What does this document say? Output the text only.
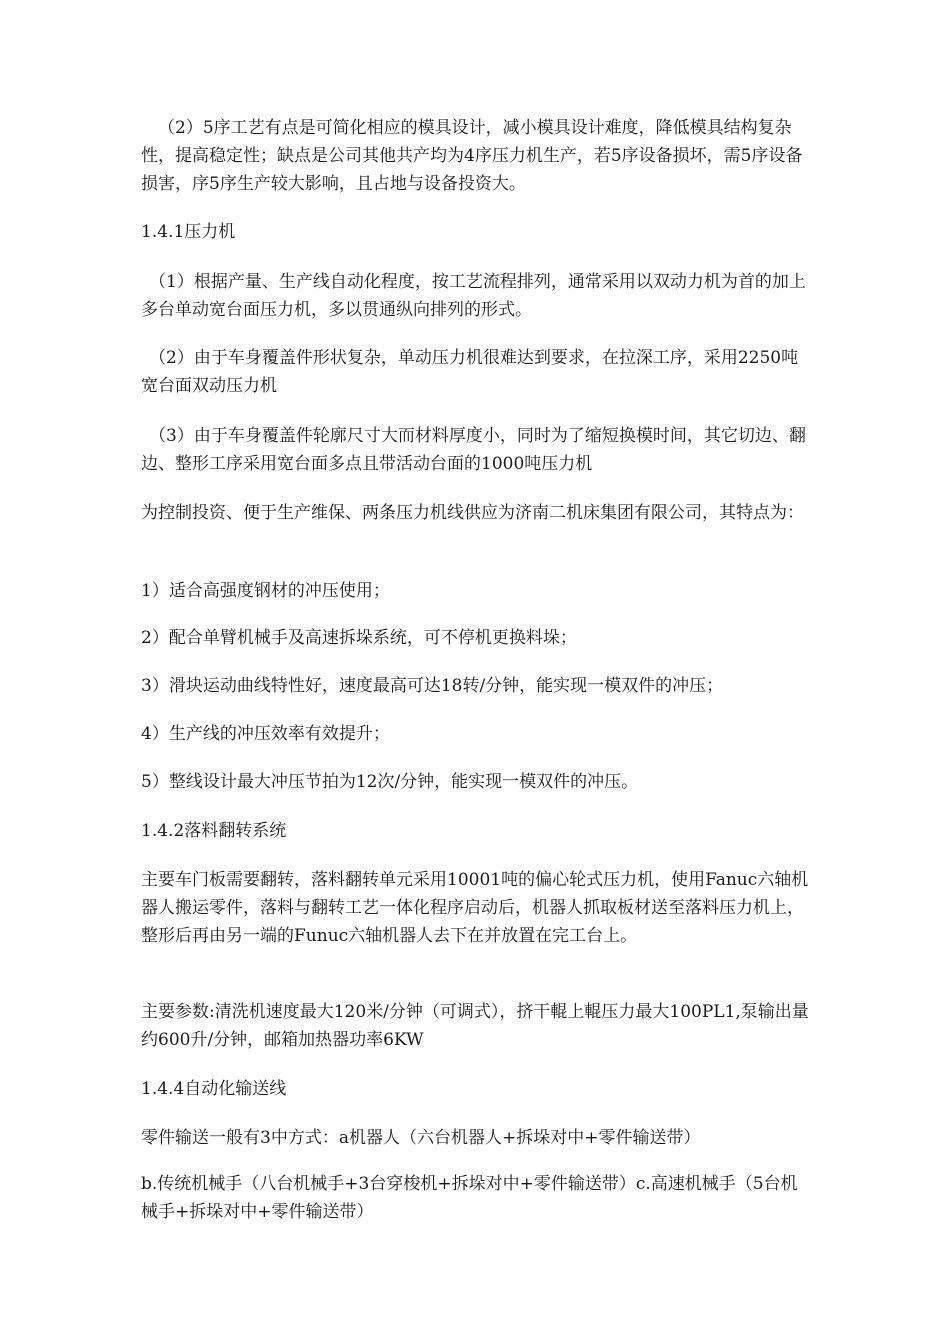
（2）5序工艺有点是可简化相应的模具设计，减小模具设计难度，降低模具结构复杂性，提高稳定性；缺点是公司其他共产均为4序压力机生产，若5序设备损坏，需5序设备损害，序5序生产较大影响，且占地与设备投资大。

1.4.1压力机

（1）根据产量、生产线自动化程度，按工艺流程排列，通常采用以双动力机为首的加上多台单动宽台面压力机，多以贯通纵向排列的形式。

（2）由于车身覆盖件形状复杂，单动压力机很难达到要求，在拉深工序，采用2250吨宽台面双动压力机

（3）由于车身覆盖件轮廓尺寸大而材料厚度小，同时为了缩短换模时间，其它切边、翻边、整形工序采用宽台面多点且带活动台面的1000吨压力机

为控制投资、便于生产维保、两条压力机线供应为济南二机床集团有限公司，其特点为：

1）适合高强度钢材的冲压使用；

2）配合单臂机械手及高速拆垛系统，可不停机更换料垛；

3）滑块运动曲线特性好，速度最高可达18转/分钟，能实现一模双件的冲压；

4）生产线的冲压效率有效提升；

5）整线设计最大冲压节拍为12次/分钟，能实现一模双件的冲压。

1.4.2落料翻转系统

主要车门板需要翻转，落料翻转单元采用10001吨的偏心轮式压力机，使用Fanuc六轴机器人搬运零件，落料与翻转工艺一体化程序启动后，机器人抓取板材送至落料压力机上，整形后再由另一端的Funuc六轴机器人去下在并放置在完工台上。

主要参数:清洗机速度最大120米/分钟（可调式），挤干輥上輥压力最大100PL1,泵输出量约600升/分钟，邮箱加热器功率6KW

1.4.4自动化输送线

零件输送一般有3中方式：a机器人（六台机器人+拆垛对中+零件输送带）

b.传统机械手（八台机械手+3台穿梭机+拆垛对中+零件输送带）c.高速机械手（5台机械手+拆垛对中+零件输送带）
